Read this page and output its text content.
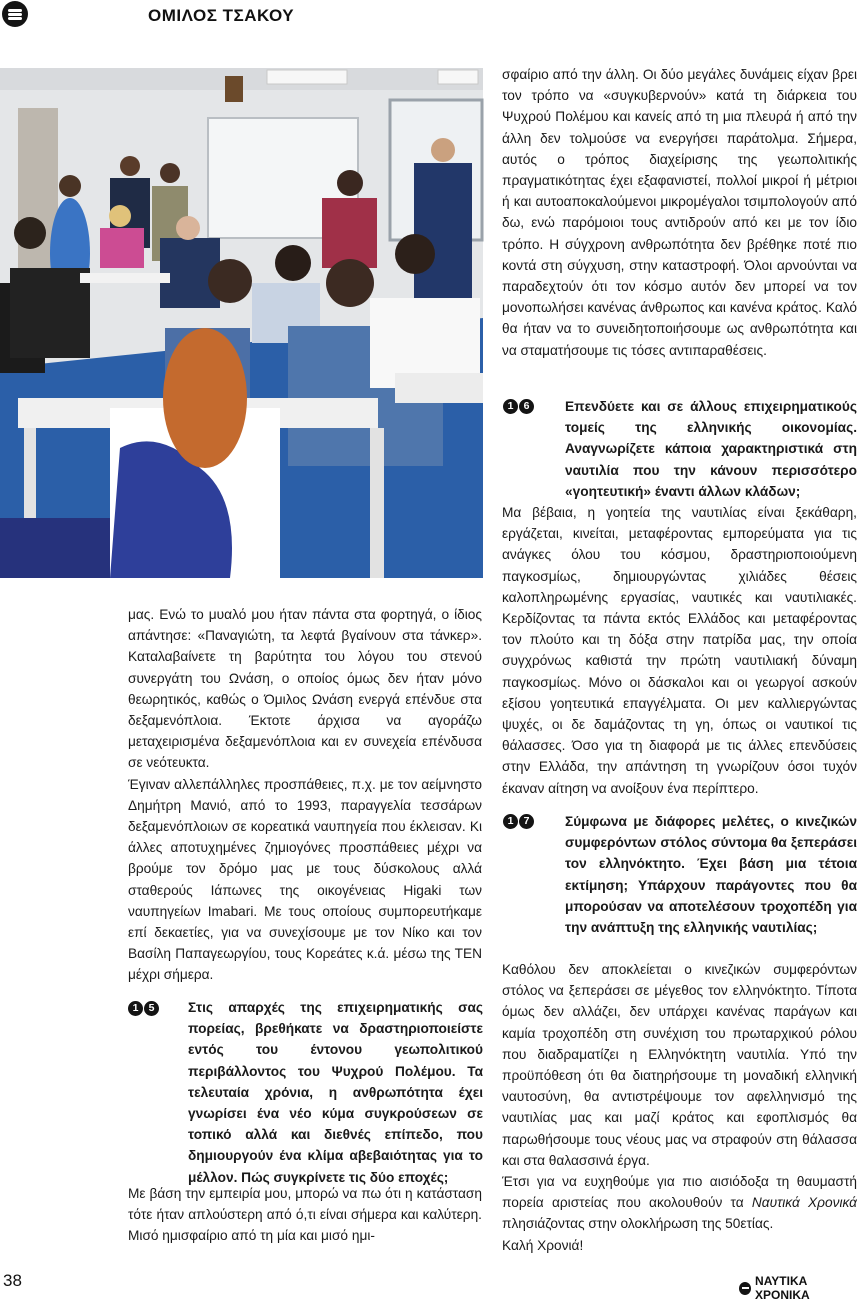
ΟΜΙΛΟΣ ΤΣΑΚΟΥ

μας. Ενώ το μυαλό μου ήταν πάντα στα φορτηγά, ο ίδιος απάντησε: «Παναγιώτη, τα λεφτά βγαίνουν στα τάνκερ». Καταλαβαίνετε τη βαρύτητα του λόγου του στενού συνεργάτη του Ωνάση, ο οποίος όμως δεν ήταν μόνο θεωρητικός, καθώς ο Όμιλος Ωνάση ενεργά επένδυε στα δεξαμενόπλοια. Έκτοτε άρχισα να αγοράζω μεταχειρισμένα δεξαμενόπλοια και εν συνεχεία επένδυσα σε νεότευκτα.

Έγιναν αλλεπάλληλες προσπάθειες, π.χ. με τον αείμνηστο Δημήτρη Μανιό, από το 1993, παραγγελία τεσσάρων δεξαμενόπλοιων σε κορεατικά ναυπηγεία που έκλεισαν. Κι άλλες αποτυχημένες ζημιογόνες προσπάθειες μέχρι να βρούμε τον δρόμο μας με τους δύσκολους αλλά σταθερούς Ιάπωνες της οικογένειας Higaki των ναυπηγείων Imabari. Με τους οποίους συμπορευτήκαμε επί δεκαετίες, για να συνεχίσουμε με τον Νίκο και τον Βασίλη Παπαγεωργίου, τους Κορεάτες κ.ά. μέσω της ΤΕΝ μέχρι σήμερα.

1 5	Στις απαρχές της επιχειρηματικής σας πορείας, βρεθήκατε να δραστηριοποιείστε εντός του έντονου γεωπολιτικού περιβάλλοντος του Ψυχρού Πολέμου. Τα τελευταία χρόνια, η ανθρωπότητα έχει γνωρίσει ένα νέο κύμα συγκρούσεων σε τοπικό αλλά και διεθνές επίπεδο, που δημιουργούν ένα κλίμα αβεβαιότητας για το μέλλον. Πώς συγκρίνετε τις δύο εποχές;

Με βάση την εμπειρία μου, μπορώ να πω ότι η κατάσταση τότε ήταν απλούστερη από ό,τι είναι σήμερα και καλύτερη. Μισό ημισφαίριο από τη μία και μισό ημι-

σφαίριο από την άλλη. Οι δύο μεγάλες δυνάμεις είχαν βρει τον τρόπο να «συγκυβερνούν» κατά τη διάρκεια του Ψυχρού Πολέμου και κανείς από τη μια πλευρά ή από την άλλη δεν τολμούσε να ενεργήσει παράτολμα. Σήμερα, αυτός ο τρόπος διαχείρισης της γεωπολιτικής πραγματικότητας έχει εξαφανιστεί, πολλοί μικροί ή μέτριοι ή και αυτοαποκαλούμενοι μικρομέγαλοι τσιμπολογούν από δω, ενώ παρόμοιοι τους αντιδρούν από κει με τον ίδιο τρόπο. Η σύγχρονη ανθρωπότητα δεν βρέθηκε ποτέ πιο κοντά στη σύγχυση, στην καταστροφή. Όλοι αρνούνται να παραδεχτούν ότι τον κόσμο αυτόν δεν μπορεί να τον μονοπωλήσει κανένας άνθρωπος και κανένα κράτος. Καλό θα ήταν να το συνειδητοποιήσουμε ως ανθρωπότητα και να σταματήσουμε τις τόσες αντιπαραθέσεις.

1 6	Επενδύετε και σε άλλους επιχειρηματικούς τομείς της ελληνικής οικονομίας. Αναγνωρίζετε κάποια χαρακτηριστικά στη ναυτιλία που την κάνουν περισσότερο «γοητευτική» έναντι άλλων κλάδων;

Μα βέβαια, η γοητεία της ναυτιλίας είναι ξεκάθαρη, εργάζεται, κινείται, μεταφέροντας εμπορεύματα για τις ανάγκες όλου του κόσμου, δραστηριοποιούμενη παγκοσμίως, δημιουργώντας χιλιάδες θέσεις καλοπληρωμένης εργασίας, ναυτικές και ναυτιλιακές. Κερδίζοντας τα πάντα εκτός Ελλάδος και μεταφέροντας τον πλούτο και τη δόξα στην πατρίδα μας, την οποία συγχρόνως καθιστά την πρώτη ναυτιλιακή δύναμη παγκοσμίως. Μόνο οι δάσκαλοι και οι γεωργοί ασκούν εξίσου γοητευτικά επαγγέλματα. Οι μεν καλλιεργώντας ψυχές, οι δε δαμάζοντας τη γη, όπως οι ναυτικοί τις θάλασσες. Όσο για τη διαφορά με τις άλλες επενδύσεις στην Ελλάδα, την απάντηση τη γνωρίζουν όσοι τυχόν έκαναν αίτηση να ανοίξουν ένα περίπτερο.

1 7	Σύμφωνα με διάφορες μελέτες, ο κινεζικών συμφερόντων στόλος σύντομα θα ξεπεράσει τον ελληνόκτητο. Έχει βάση μια τέτοια εκτίμηση; Υπάρχουν παράγοντες που θα μπορούσαν να αποτελέσουν τροχοπέδη για την ανάπτυξη της ελληνικής ναυτιλίας;

Καθόλου δεν αποκλείεται ο κινεζικών συμφερόντων στόλος να ξεπεράσει σε μέγεθος τον ελληνόκτητο. Τίποτα όμως δεν αλλάζει, δεν υπάρχει κανένας παράγων και καμία τροχοπέδη στη συνέχιση του πρωταρχικού ρόλου που διαδραματίζει η Ελληνόκτητη ναυτιλία. Υπό την προϋπόθεση ότι θα διατηρήσουμε τη μοναδική ελληνική ναυτοσύνη, θα αντιστρέψουμε τον αφελληνισμό της ναυτιλίας μας και μαζί κράτος και εφοπλισμός θα παρωθήσουμε τους νέους μας να στραφούν στη θάλασσα και στα θαλασσινά έργα.

Έτσι για να ευχηθούμε για πιο αισιόδοξα τη θαυμαστή πορεία αριστείας που ακολουθούν τα Ναυτικά Χρονικά πλησιάζοντας στην ολοκλήρωση της 50ετίας.

Καλή Χρονιά!

38	ΝΑΥΤΙΚΑ ΧΡΟΝΙΚΑ
